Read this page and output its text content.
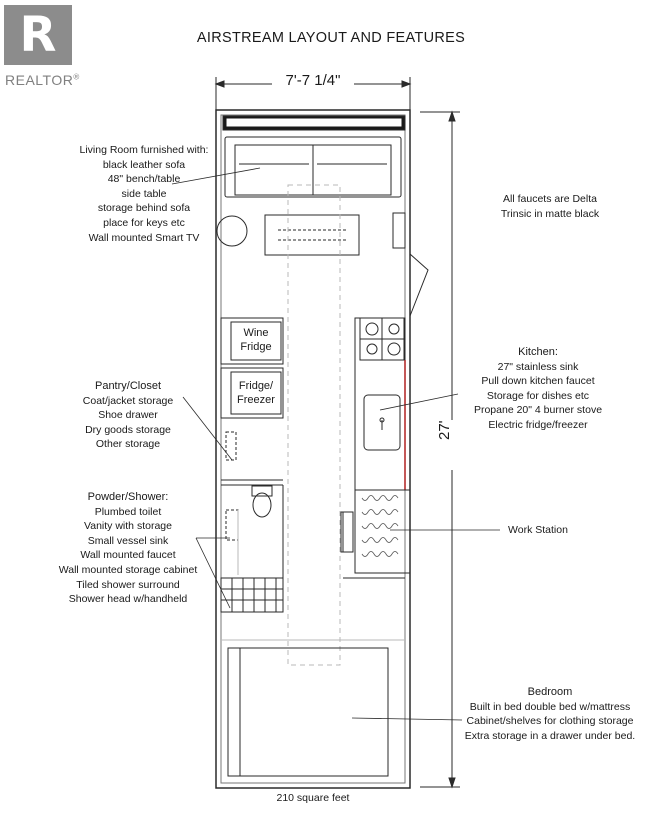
R
REALTOR®
AIRSTREAM LAYOUT AND FEATURES
7'-7 1/4"
27'
Wine
Fridge
Fridge/
Freezer
Living Room furnished with:
black leather sofa
48" bench/table
side table
storage behind sofa
place for keys etc
Wall mounted Smart TV
All faucets are Delta
Trinsic in matte black
Pantry/Closet
Coat/jacket storage
Shoe drawer
Dry goods storage
Other storage
Powder/Shower:
Plumbed toilet
Vanity with storage
Small vessel sink
Wall mounted faucet
Wall mounted storage cabinet
Tiled shower surround
Shower head w/handheld
Kitchen:
27" stainless sink
Pull down kitchen faucet
Storage for dishes etc
Propane 20" 4 burner stove
Electric fridge/freezer
Work Station
Bedroom
Built in bed double bed w/mattress
Cabinet/shelves for clothing storage
Extra storage in a drawer under bed.
210 square feet
